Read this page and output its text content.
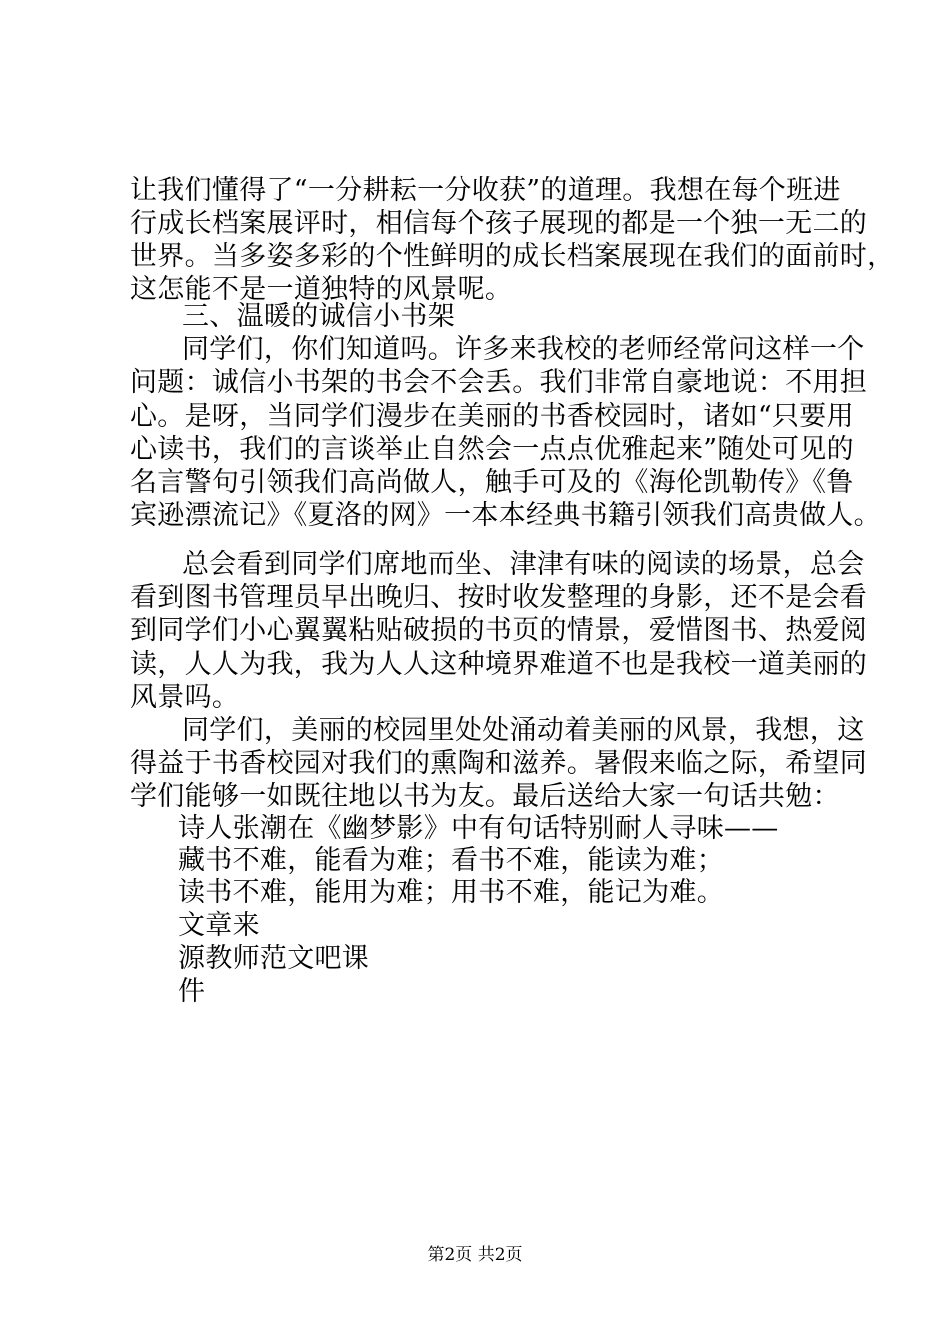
让我们懂得了“一分耕耘一分收获”的道理。我想在每个班进
行成长档案展评时，相信每个孩子展现的都是一个独一无二的
世界。当多姿多彩的个性鲜明的成长档案展现在我们的面前时，
这怎能不是一道独特的风景呢。
三、温暖的诚信小书架
同学们，你们知道吗。许多来我校的老师经常问这样一个
问题：诚信小书架的书会不会丢。我们非常自豪地说：不用担
心。是呀，当同学们漫步在美丽的书香校园时，诸如“只要用
心读书，我们的言谈举止自然会一点点优雅起来”随处可见的
名言警句引领我们高尚做人，触手可及的《海伦凯勒传》《鲁
宾逊漂流记》《夏洛的网》一本本经典书籍引领我们高贵做人。
总会看到同学们席地而坐、津津有味的阅读的场景，总会
看到图书管理员早出晚归、按时收发整理的身影，还不是会看
到同学们小心翼翼粘贴破损的书页的情景，爱惜图书、热爱阅
读，人人为我，我为人人这种境界难道不也是我校一道美丽的
风景吗。
同学们，美丽的校园里处处涌动着美丽的风景，我想，这
得益于书香校园对我们的熏陶和滋养。暑假来临之际，希望同
学们能够一如既往地以书为友。最后送给大家一句话共勉：
诗人张潮在《幽梦影》中有句话特别耐人寻味——
藏书不难，能看为难；看书不难，能读为难；
读书不难，能用为难；用书不难，能记为难。
文章来
源教师范文吧课
件
第2页 共2页
